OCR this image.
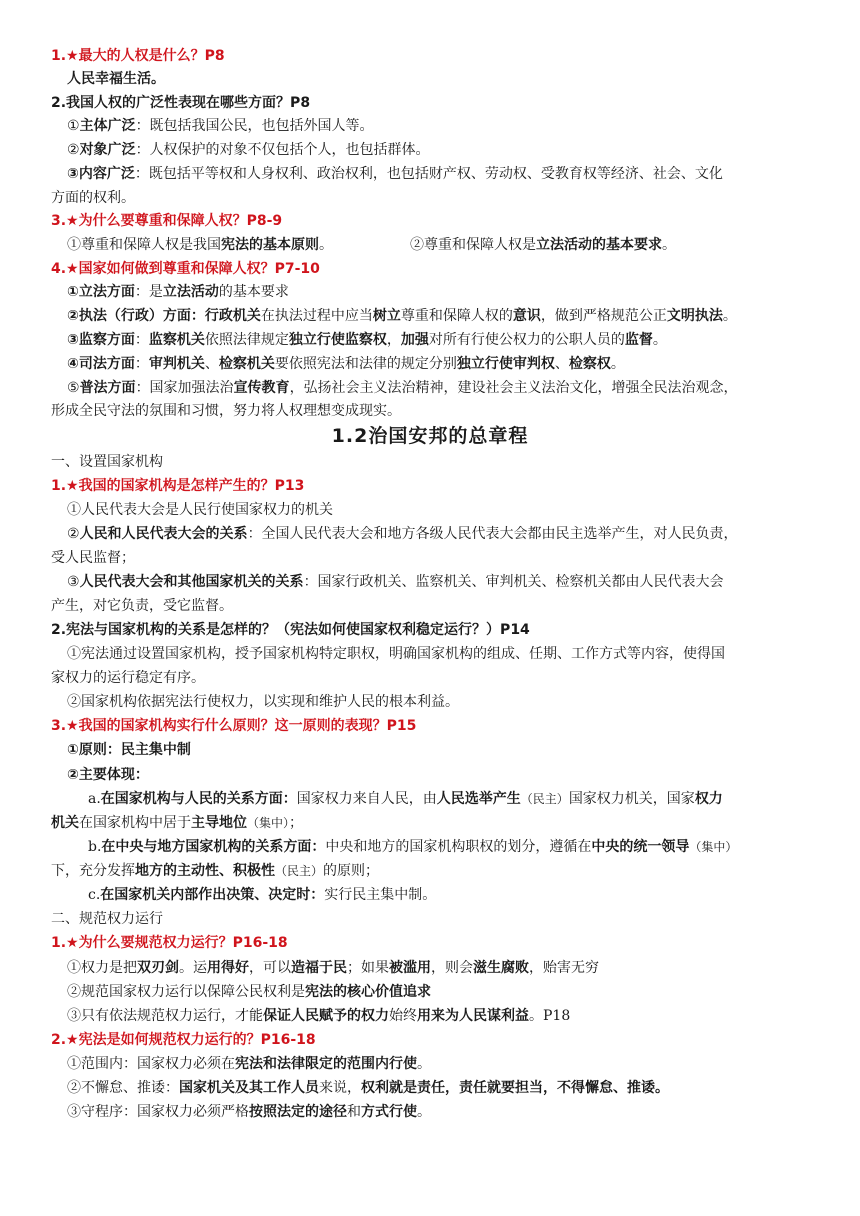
1.★最大的人权是什么？P8
人民幸福生活。
2.我国人权的广泛性表现在哪些方面？P8
①主体广泛：既包括我国公民，也包括外国人等。
②对象广泛：人权保护的对象不仅包括个人，也包括群体。
③内容广泛：既包括平等权和人身权利、政治权利，也包括财产权、劳动权、受教育权等经济、社会、文化
方面的权利。
3.★为什么要尊重和保障人权？P8-9
①尊重和保障人权是我国宪法的基本原则。	②尊重和保障人权是立法活动的基本要求。
4.★国家如何做到尊重和保障人权？P7-10
①立法方面：是立法活动的基本要求
②执法（行政）方面：行政机关在执法过程中应当树立尊重和保障人权的意识，做到严格规范公正文明执法。
③监察方面：监察机关依照法律规定独立行使监察权，加强对所有行使公权力的公职人员的监督。
④司法方面：审判机关、检察机关要依照宪法和法律的规定分别独立行使审判权、检察权。
⑤普法方面：国家加强法治宣传教育，弘扬社会主义法治精神，建设社会主义法治文化，增强全民法治观念，
形成全民守法的氛围和习惯，努力将人权理想变成现实。
1.2治国安邦的总章程
一、设置国家机构
1.★我国的国家机构是怎样产生的？P13
①人民代表大会是人民行使国家权力的机关
②人民和人民代表大会的关系：全国人民代表大会和地方各级人民代表大会都由民主选举产生，对人民负责，
受人民监督；
③人民代表大会和其他国家机关的关系：国家行政机关、监察机关、审判机关、检察机关都由人民代表大会
产生，对它负责，受它监督。
2.宪法与国家机构的关系是怎样的？（宪法如何使国家权利稳定运行？）P14
①宪法通过设置国家机构，授予国家机构特定职权，明确国家机构的组成、任期、工作方式等内容，使得国
家权力的运行稳定有序。
②国家机构依据宪法行使权力，以实现和维护人民的根本利益。
3.★我国的国家机构实行什么原则？这一原则的表现？P15
①原则：民主集中制
②主要体现：
a.在国家机构与人民的关系方面：国家权力来自人民，由人民选举产生（民主）国家权力机关，国家权力
机关在国家机构中居于主导地位（集中）；
b.在中央与地方国家机构的关系方面：中央和地方的国家机构职权的划分，遵循在中央的统一领导（集中）
下，充分发挥地方的主动性、积极性（民主）的原则；
c.在国家机关内部作出决策、决定时：实行民主集中制。
二、规范权力运行
1.★为什么要规范权力运行？P16-18
①权力是把双刃剑。运用得好，可以造福于民；如果被滥用，则会滋生腐败，贻害无穷
②规范国家权力运行以保障公民权利是宪法的核心价值追求
③只有依法规范权力运行，才能保证人民赋予的权力始终用来为人民谋利益。P18
2.★宪法是如何规范权力运行的？P16-18
①范围内：国家权力必须在宪法和法律限定的范围内行使。
②不懈怠、推诿：国家机关及其工作人员来说，权利就是责任，责任就要担当，不得懈怠、推诿。
③守程序：国家权力必须严格按照法定的途径和方式行使。
